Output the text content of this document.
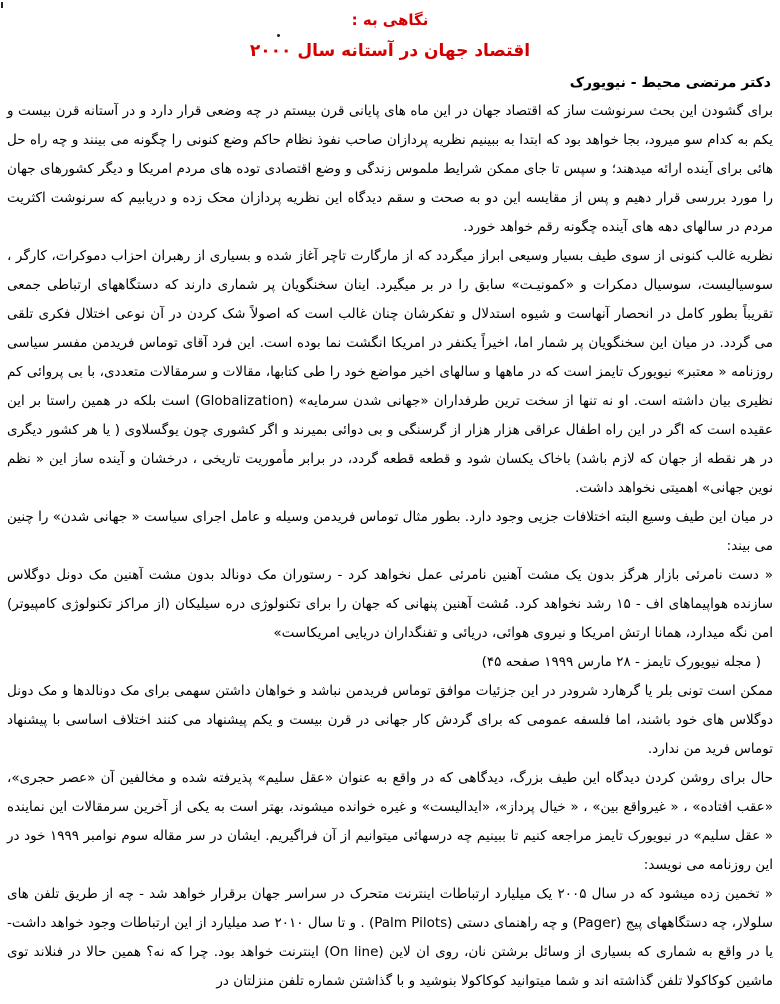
نگاهی به :
اقتصاد جهان در آستانه سال ۲۰۰۰
دکتر مرتضی محیط - نیویورک

برای گشودن این بحث سرنوشت ساز که اقتصاد جهان در این ماه های پایانی قرن بیستم در چه وضعی قرار دارد و در آستانه قرن بیست و یکم به کدام سو میرود، بجا خواهد بود که ابتدا به ببینیم نظریه پردازان صاحب نفوذ نظام حاکم وضع کنونی را چگونه می بینند و چه راه حل هائی برای آینده ارائه میدهند؛ و سپس تا جای ممکن شرایط ملموس زندگی و وضع اقتصادی توده های مردم امریکا و دیگر کشورهای جهان را مورد بررسی قرار دهیم و پس از مقایسه این دو به صحت و سقم دیدگاه این نظریه پردازان محک زده و دریابیم که سرنوشت اکثریت مردم در سالهای دهه های آینده چگونه رقم خواهد خورد.

نظریه غالب کنونی از سوی طیف بسیار وسیعی ابراز میگردد که از مارگارت تاچر آغاز شده و بسیاری از رهبران احزاب دموکرات، کارگر ، سوسیالیست، سوسیال دمکرات و «کمونیـت» سابق را در بر میگیرد. اینان سخنگویان پر شماری دارند که دستگاههای ارتباطی جمعی تقریباً بطور کامل در انحصار آنهاست و شیوه استدلال و تفکرشان چنان غالب است که اصولاً شک کردن در آن نوعی اختلال فکری تلقی می گردد. در میان این سخنگویان پر شمار اما، اخیراً یکنفر در امریکا انگشت نما بوده است. این فرد آقای توماس فریدمن مفسر سیاسی روزنامه « معتبر» نیویورک تایمز است که در ماهها و سالهای اخیر مواضع خود را طی کتابها، مقالات و سرمقالات متعددی، با بی پروائی کم نظیری بیان داشته است. او نه تنها از سخت ترین طرفداران «جهانی شدن سرمایه» (Globalization) است بلکه در همین راستا بر این عقیده است که اگر در این راه اطفال عراقی هزار هزار از گرسنگی و بی دوائی بمیرند و اگر کشوری چون یوگسلاوی ( یا هر کشور دیگری در هر نقطه از جهان که لازم باشد) باخاک یکسان شود و قطعه قطعه گردد، در برابر مأموریت تاریخی ، درخشان و آینده ساز این « نظم نوین جهانی» اهمیتی نخواهد داشت.

در میان این طیف وسیع البته اختلافات جزیی وجود دارد. بطور مثال توماس فریدمن وسیله و عامل اجرای سیاست « جهانی شدن» را چنین می بیند:

« دست نامرئی بازار هرگز بدون یک مشت آهنین نامرئی عمل نخواهد کرد - رستوران مک دونالد بدون مشت آهنین مک دونل دوگلاس سازنده هواپیماهای اف - ۱۵ رشد نخواهد کرد. مُشت آهنین پنهانی که جهان را برای تکنولوژی دره سیلیکان (از مراکز تکنولوژی کامپیوتر) امن نگه میدارد، همانا ارتش امریکا و نیروی هوائی، دریائی و تفنگداران دریایی امریکاست»

( مجله نیویورک تایمز - ۲۸ مارس ۱۹۹۹ صفحه ۴۵)

ممکن است تونی بلر یا گرهارد شرودر در این جزئیات موافق توماس فریدمن نباشد و خواهان داشتن سهمی برای مک دونالدها و مک دونل دوگلاس های خود باشند، اما فلسفه عمومی که برای گردش کار جهانی در قرن بیست و یکم پیشنهاد می کنند اختلاف اساسی با پیشنهاد توماس فرید من ندارد.

حال برای روشن کردن دیدگاه این طیف بزرگ، دیدگاهی که در واقع به عنوان «عقل سلیم» پذیرفته شده و مخالفین آن «عصر حجری»، «عقب افتاده» ، « غیرواقع بین» ، « خیال پرداز»، «ایدالیست» و غیره خوانده میشوند، بهتر است به یکی از آخرین سرمقالات این نماینده « عقل سلیم» در نیویورک تایمز مراجعه کنیم تا ببینیم چه درسهائی میتوانیم از آن فراگیریم. ایشان در سر مقاله سوم نوامبر ۱۹۹۹ خود در این روزنامه می نویسد:

« تخمین زده میشود که در سال ۲۰۰۵ یک میلیارد ارتباطات اینترنت متحرک در سراسر جهان برقرار خواهد شد - چه از طریق تلفن های سلولار، چه دستگاههای پیج (Pager) و چه راهنمای دستی (Palm Pilots) . و تا سال ۲۰۱۰ صد میلیارد از این ارتباطات وجود خواهد داشت- یا در واقع به شماری که بسیاری از وسائل برشتن نان، روی ان لاین (On line) اینترنت خواهد بود. چرا که نه؟ همین حالا در فنلاند توی ماشین کوکاکولا تلفن گذاشته اند و شما میتوانید کوکاکولا بنوشید و با گذاشتن شماره تلفن منزلتان در
